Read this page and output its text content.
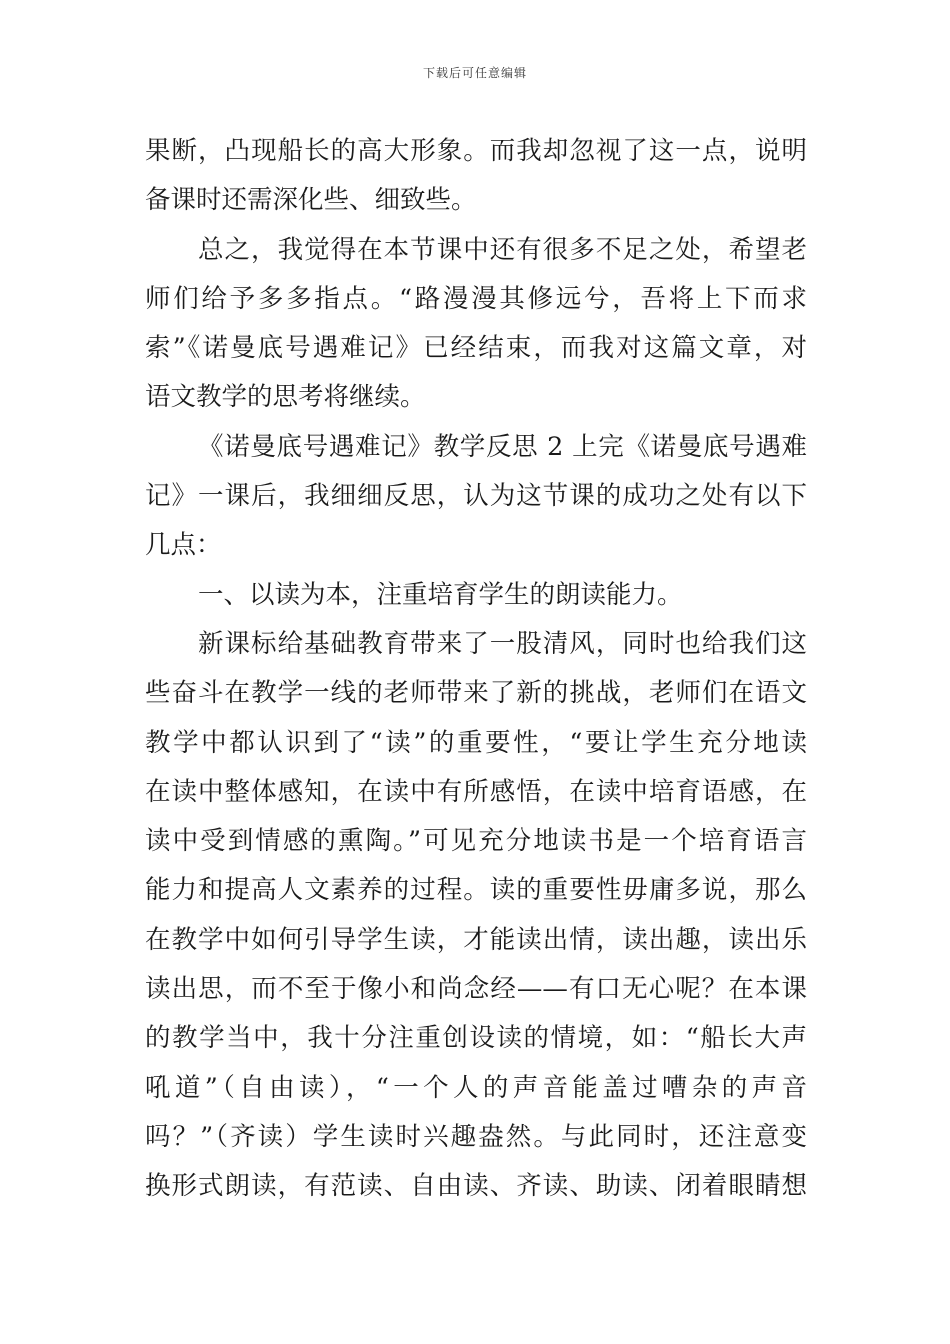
下载后可任意编辑
果断，凸现船长的高大形象。而我却忽视了这一点，说明
备课时还需深化些、细致些。
总之，我觉得在本节课中还有很多不足之处，希望老
师们给予多多指点。“路漫漫其修远兮，吾将上下而求
索”《诺曼底号遇难记》已经结束，而我对这篇文章，对
语文教学的思考将继续。
《诺曼底号遇难记》教学反思 2 上完《诺曼底号遇难
记》一课后，我细细反思，认为这节课的成功之处有以下
几点：
一、以读为本，注重培育学生的朗读能力。
新课标给基础教育带来了一股清风，同时也给我们这
些奋斗在教学一线的老师带来了新的挑战，老师们在语文
教学中都认识到了“读”的重要性，“要让学生充分地读
在读中整体感知，在读中有所感悟，在读中培育语感，在
读中受到情感的熏陶。”可见充分地读书是一个培育语言
能力和提高人文素养的过程。读的重要性毋庸多说，那么
在教学中如何引导学生读，才能读出情，读出趣，读出乐
读出思，而不至于像小和尚念经——有口无心呢？在本课
的教学当中，我十分注重创设读的情境，如：“船长大声
吼道”（自由读），“一个人的声音能盖过嘈杂的声音
吗？”（齐读）学生读时兴趣盎然。与此同时，还注意变
换形式朗读，有范读、自由读、齐读、助读、闭着眼睛想
